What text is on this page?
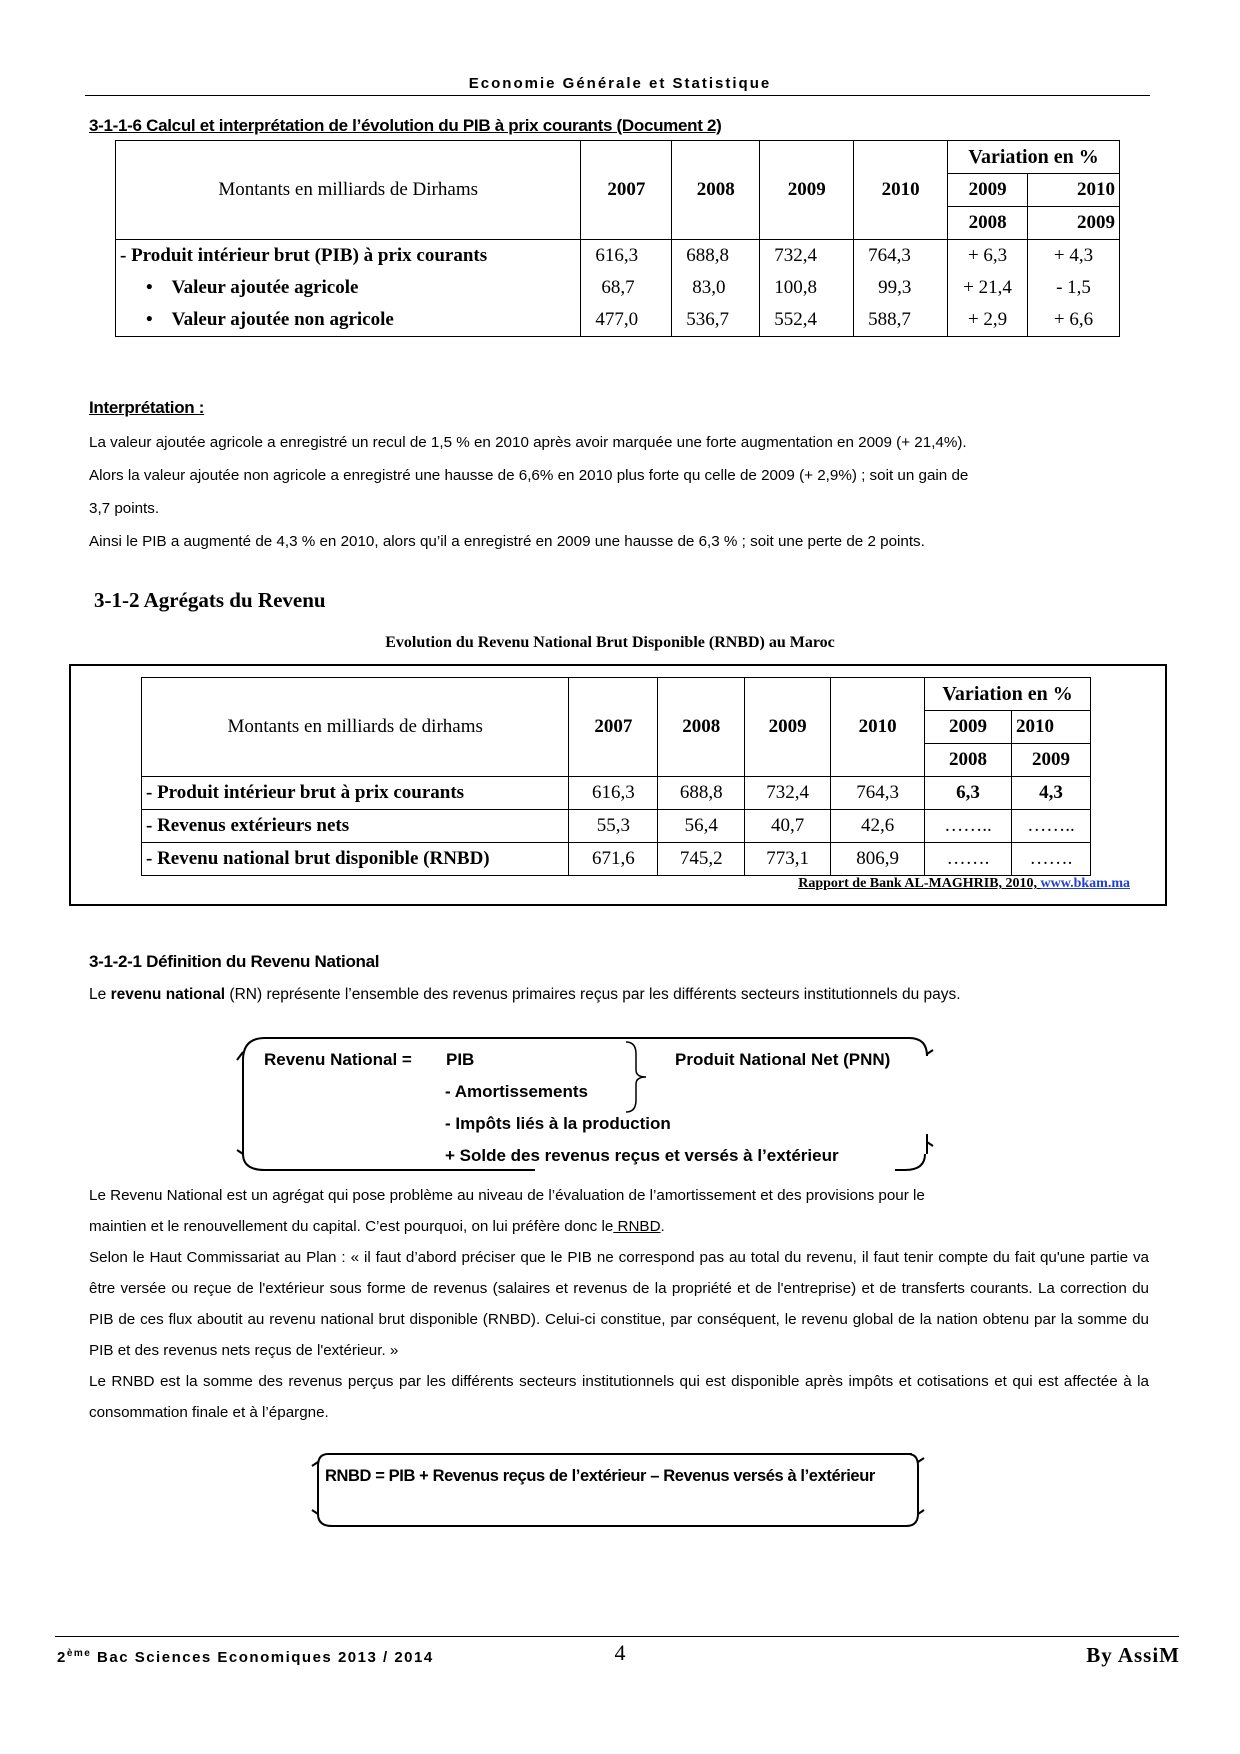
Economie Générale et Statistique
3-1-1-6 Calcul et interprétation de l’évolution du PIB à prix courants (Document 2)
Montants en milliards de Dirhams	2007	2008	2009	2010	Variation en %	
					2009	2010
					2008	2009
- Produit intérieur brut (PIB) à prix courants	616,3	688,8	732,4	764,3	+ 6,3	+ 4,3
• Valeur ajoutée agricole	68,7	83,0	100,8	99,3	+ 21,4	- 1,5
• Valeur ajoutée non agricole	477,0	536,7	552,4	588,7	+ 2,9	+ 6,6
Interprétation :

La valeur ajoutée agricole a enregistré un recul de 1,5 % en 2010 après avoir marquée une forte augmentation en 2009 (+ 21,4%).

Alors la valeur ajoutée non agricole a enregistré une hausse de 6,6% en 2010 plus forte qu celle de 2009 (+ 2,9%) ; soit un gain de

3,7 points.

Ainsi le PIB a augmenté de 4,3 % en 2010, alors qu’il a enregistré en 2009 une hausse de 6,3 % ; soit une perte de 2 points.

3-1-2 Agrégats du Revenu
Evolution du Revenu National Brut Disponible (RNBD) au Maroc
Montants en milliards de dirhams	2007	2008	2009	2010	Variation en %	
					2009	2010
					2008	2009
- Produit intérieur brut à prix courants	616,3	688,8	732,4	764,3	6,3	4,3
- Revenus extérieurs nets	55,3	56,4	40,7	42,6	……..	……..
- Revenu national brut disponible (RNBD)	671,6	745,2	773,1	806,9	…….	…….
Rapport de Bank AL-MAGHRIB, 2010, www.bkam.ma
3-1-2-1 Définition du Revenu National
Le revenu national (RN) représente l’ensemble des revenus primaires reçus par les différents secteurs institutionnels du pays.
Revenu National = PIB
- Amortissements
- Impôts liés à la production
+ Solde des revenus reçus et versés à l’extérieur
Produit National Net (PNN)

Le Revenu National est un agrégat qui pose problème au niveau de l’évaluation de l’amortissement et des provisions pour le

maintien et le renouvellement du capital. C’est pourquoi, on lui préfère donc le RNBD.

Selon le Haut Commissariat au Plan : « il faut d’abord préciser que le PIB ne correspond pas au total du revenu, il faut tenir compte du fait qu'une partie va être versée ou reçue de l'extérieur sous forme de revenus (salaires et revenus de la propriété et de l'entreprise) et de transferts courants. La correction du PIB de ces flux aboutit au revenu national brut disponible (RNBD). Celui-ci constitue, par conséquent, le revenu global de la nation obtenu par la somme du PIB et des revenus nets reçus de l'extérieur. »

Le RNBD est la somme des revenus perçus par les différents secteurs institutionnels qui est disponible après impôts et cotisations et qui est affectée à la consommation finale et à l’épargne.

RNBD = PIB + Revenus reçus de l’extérieur – Revenus versés à l’extérieur
2ème Bac Sciences Economiques 2013 / 2014	4	By AssiM
